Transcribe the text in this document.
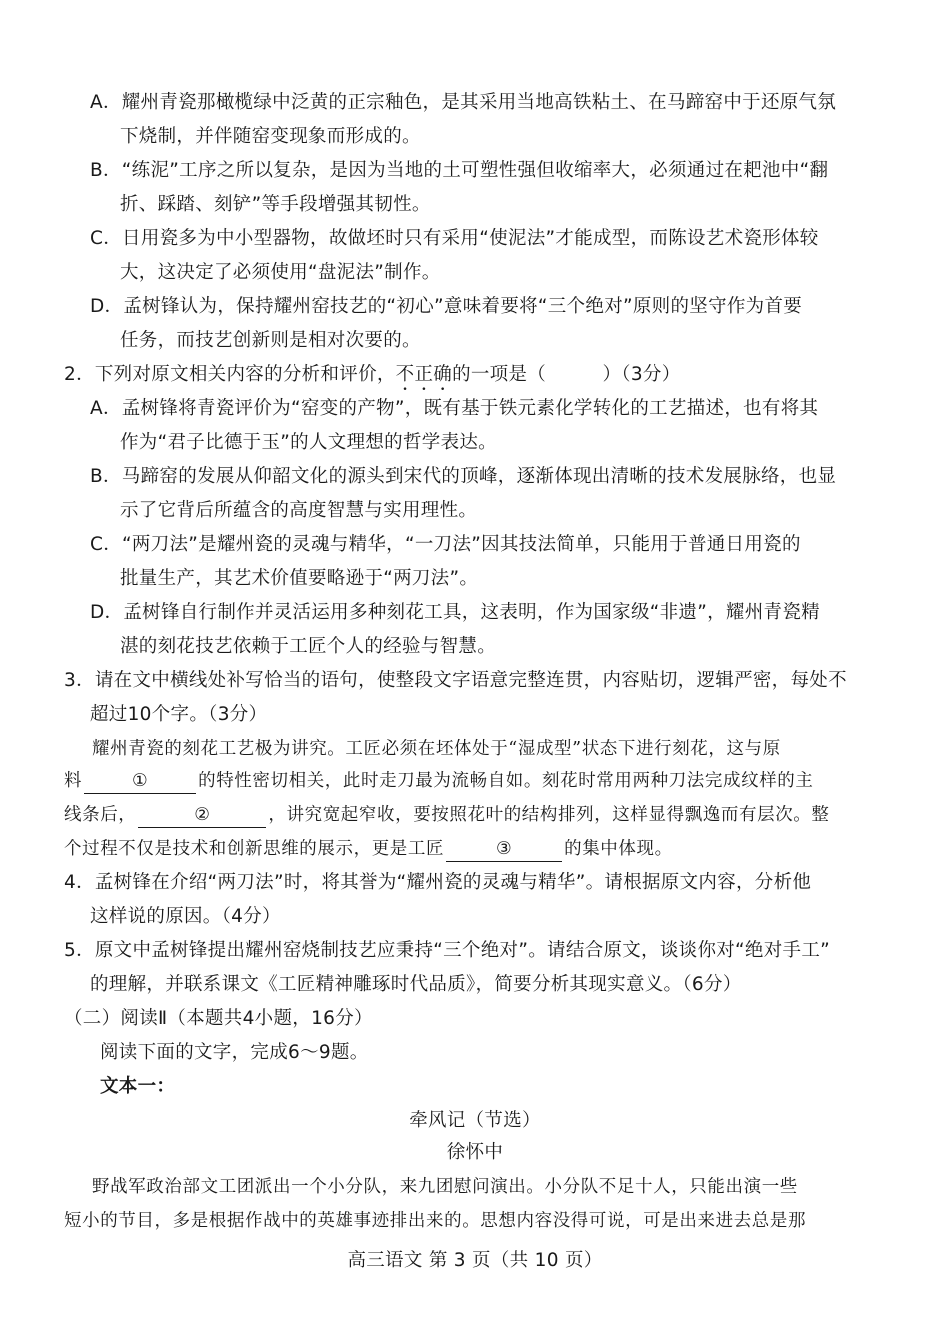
A．耀州青瓷那橄榄绿中泛黄的正宗釉色，是其采用当地高铁粘土、在马蹄窑中于还原气氛
下烧制，并伴随窑变现象而形成的。
B．“练泥”工序之所以复杂，是因为当地的土可塑性强但收缩率大，必须通过在耙池中“翻
折、踩踏、刻铲”等手段增强其韧性。
C．日用瓷多为中小型器物，故做坯时只有采用“使泥法”才能成型，而陈设艺术瓷形体较
大，这决定了必须使用“盘泥法”制作。
D．孟树锋认为，保持耀州窑技艺的“初心”意味着要将“三个绝对”原则的坚守作为首要
任务，而技艺创新则是相对次要的。
2．下列对原文相关内容的分析和评价，不正确的一项是（　　　）（3分）
A．孟树锋将青瓷评价为“窑变的产物”，既有基于铁元素化学转化的工艺描述，也有将其
作为“君子比德于玉”的人文理想的哲学表达。
B．马蹄窑的发展从仰韶文化的源头到宋代的顶峰，逐渐体现出清晰的技术发展脉络，也显
示了它背后所蕴含的高度智慧与实用理性。
C．“两刀法”是耀州瓷的灵魂与精华，“一刀法”因其技法简单，只能用于普通日用瓷的
批量生产，其艺术价值要略逊于“两刀法”。
D．孟树锋自行制作并灵活运用多种刻花工具，这表明，作为国家级“非遗”，耀州青瓷精
湛的刻花技艺依赖于工匠个人的经验与智慧。
3．请在文中横线处补写恰当的语句，使整段文字语意完整连贯，内容贴切，逻辑严密，每处不
超过10个字。（3分）
耀州青瓷的刻花工艺极为讲究。工匠必须在坯体处于“湿成型”状态下进行刻花，这与原
料	①	的特性密切相关，此时走刀最为流畅自如。刻花时常用两种刀法完成纹样的主
线条后，	②	，讲究宽起窄收，要按照花叶的结构排列，这样显得飘逸而有层次。整
个过程不仅是技术和创新思维的展示，更是工匠	③	的集中体现。
4．孟树锋在介绍“两刀法”时，将其誉为“耀州瓷的灵魂与精华”。请根据原文内容，分析他
这样说的原因。（4分）
5．原文中孟树锋提出耀州窑烧制技艺应秉持“三个绝对”。请结合原文，谈谈你对“绝对手工”
的理解，并联系课文《工匠精神雕琢时代品质》，简要分析其现实意义。（6分）
（二）阅读Ⅱ（本题共4小题，16分）
阅读下面的文字，完成6～9题。
文本一：
牵风记（节选）
徐怀中
野战军政治部文工团派出一个小分队，来九团慰问演出。小分队不足十人，只能出演一些
短小的节目，多是根据作战中的英雄事迹排出来的。思想内容没得可说，可是出来进去总是那
高三语文 第 3 页（共 10 页）
